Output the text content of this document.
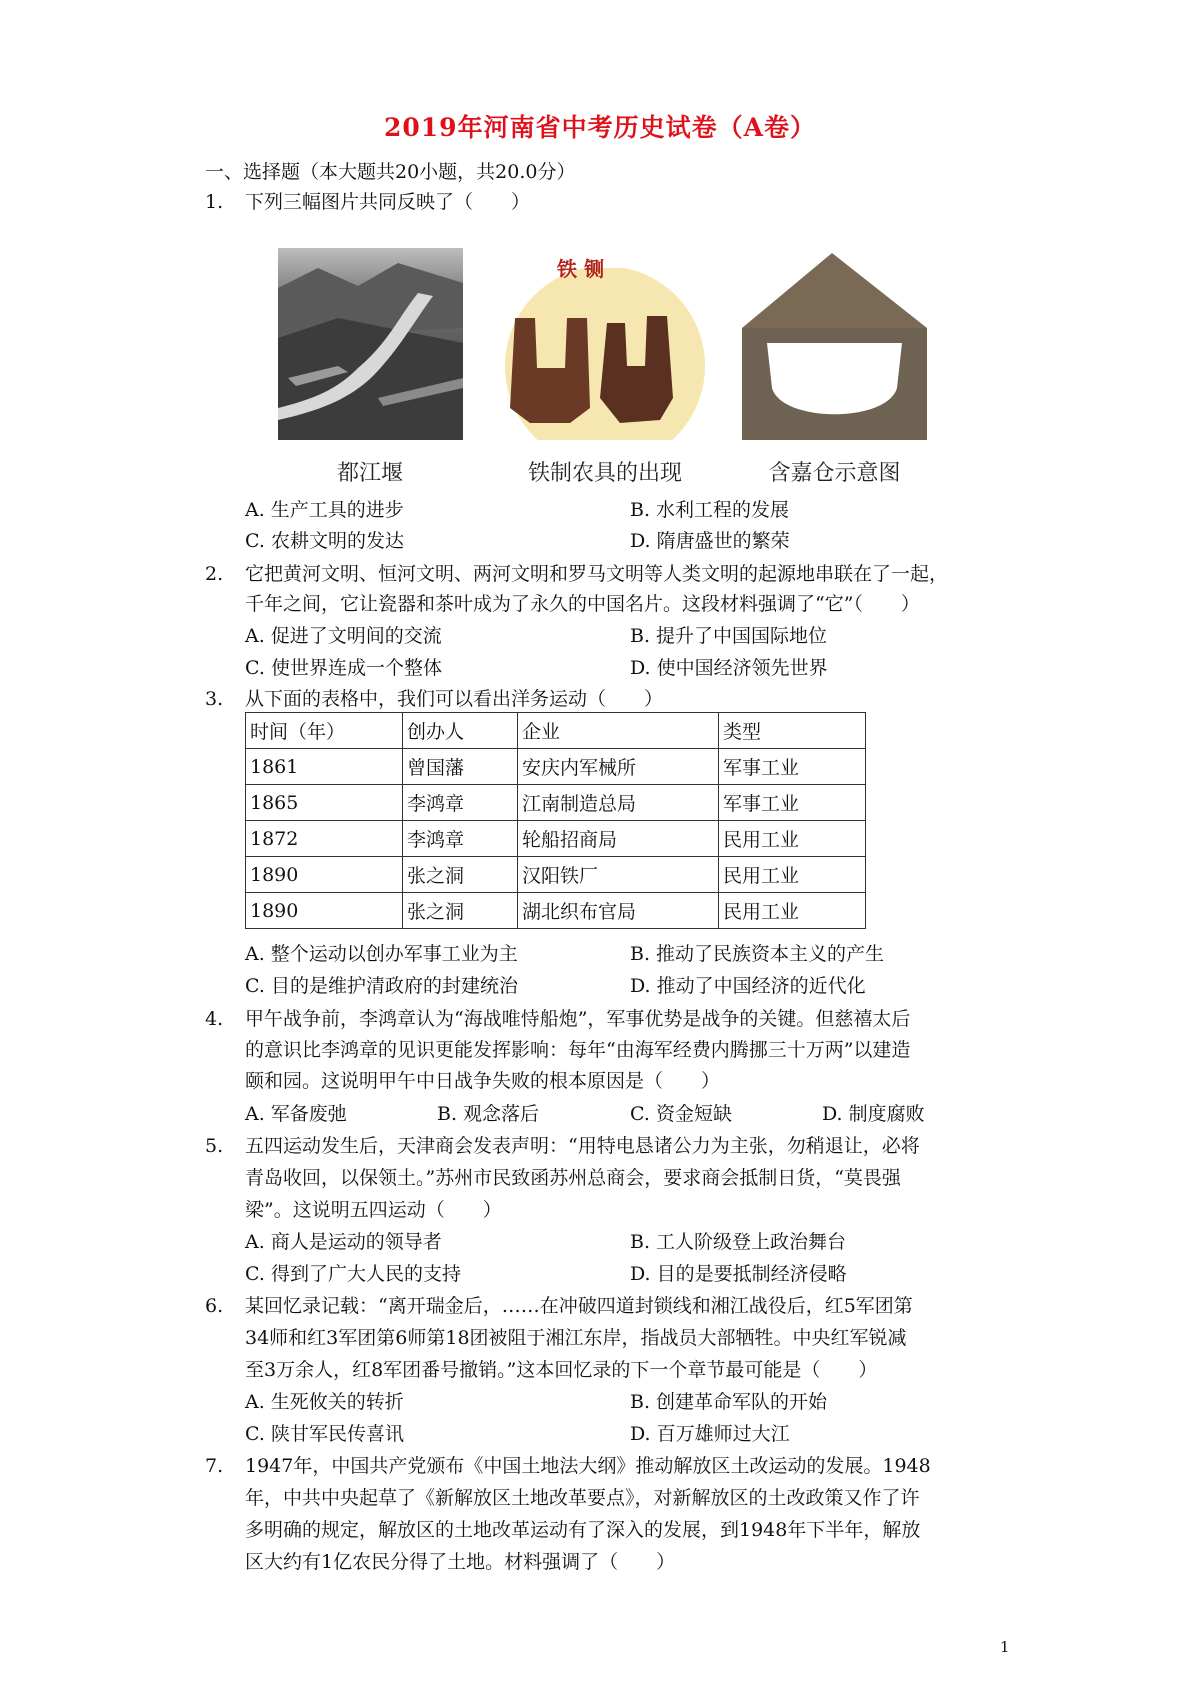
2019年河南省中考历史试卷（A卷）
一、选择题（本大题共20小题，共20.0分）
1.	下列三幅图片共同反映了（　　）
铁 铡
都江堰	铁制农具的出现	含嘉仓示意图
A. 生产工具的进步	B. 水利工程的发展
C. 农耕文明的发达	D. 隋唐盛世的繁荣
2.	它把黄河文明、恒河文明、两河文明和罗马文明等人类文明的起源地串联在了一起，
千年之间，它让瓷器和茶叶成为了永久的中国名片。这段材料强调了“它”（　　）
A. 促进了文明间的交流	B. 提升了中国国际地位
C. 使世界连成一个整体	D. 使中国经济领先世界
3.	从下面的表格中，我们可以看出洋务运动（　　）
时间（年）	创办人	企业	类型
1861	曾国藩	安庆内军械所	军事工业
1865	李鸿章	江南制造总局	军事工业
1872	李鸿章	轮船招商局	民用工业
1890	张之洞	汉阳铁厂	民用工业
1890	张之洞	湖北织布官局	民用工业
A. 整个运动以创办军事工业为主	B. 推动了民族资本主义的产生
C. 目的是维护清政府的封建统治	D. 推动了中国经济的近代化
4.	甲午战争前，李鸿章认为“海战唯恃船炮”，军事优势是战争的关键。但慈禧太后
的意识比李鸿章的见识更能发挥影响：每年“由海军经费内腾挪三十万两”以建造
颐和园。这说明甲午中日战争失败的根本原因是（　　）
A. 军备废弛	B. 观念落后	C. 资金短缺	D. 制度腐败
5.	五四运动发生后，天津商会发表声明：“用特电恳诸公力为主张，勿稍退让，必将
青岛收回，以保领土。”苏州市民致函苏州总商会，要求商会抵制日货，“莫畏强
梁”。这说明五四运动（　　）
A. 商人是运动的领导者	B. 工人阶级登上政治舞台
C. 得到了广大人民的支持	D. 目的是要抵制经济侵略
6.	某回忆录记载：“离开瑞金后，……在冲破四道封锁线和湘江战役后，红5军团第
34师和红3军团第6师第18团被阻于湘江东岸，指战员大部牺牲。中央红军锐减
至3万余人，红8军团番号撤销。”这本回忆录的下一个章节最可能是（　　）
A. 生死攸关的转折	B. 创建革命军队的开始
C. 陕甘军民传喜讯	D. 百万雄师过大江
7.	1947年，中国共产党颁布《中国土地法大纲》推动解放区土改运动的发展。1948
年，中共中央起草了《新解放区土地改革要点》，对新解放区的土改政策又作了许
多明确的规定，解放区的土地改革运动有了深入的发展，到1948年下半年，解放
区大约有1亿农民分得了土地。材料强调了（　　）
1
